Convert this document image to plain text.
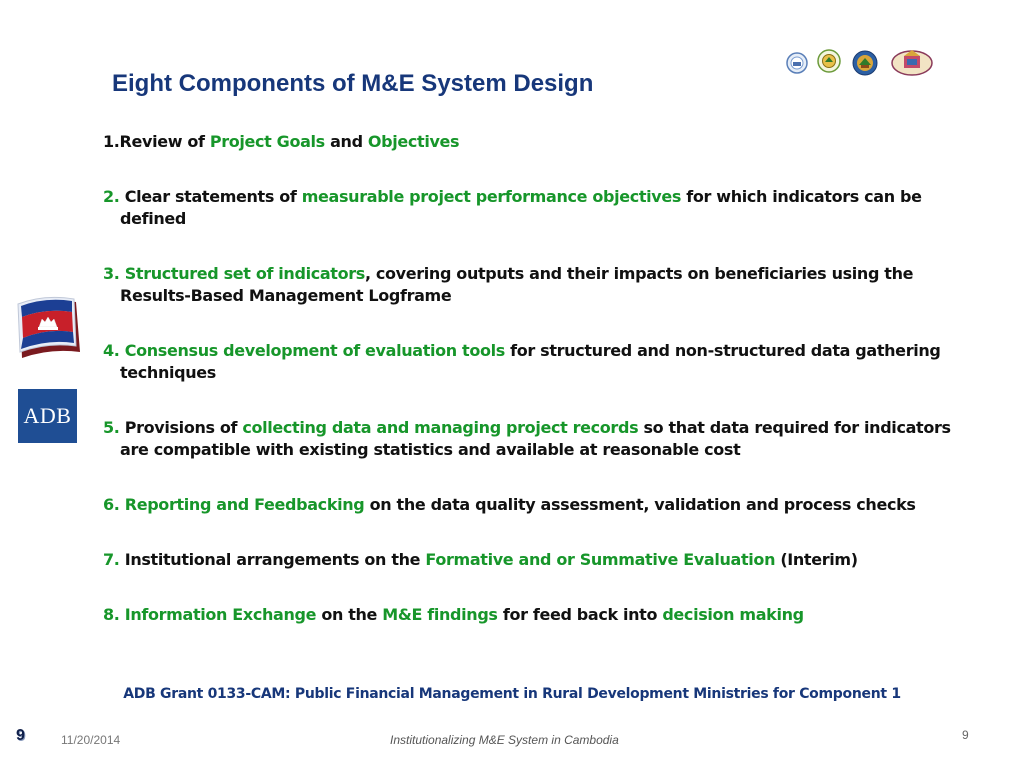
Eight Components of M&E System Design
ADB
1.Review of Project Goals and Objectives
2. Clear statements of measurable project performance objectives for which indicators can be defined
3. Structured set of indicators, covering outputs and their impacts on beneficiaries using the Results-Based Management Logframe
4. Consensus development of evaluation tools for structured and non-structured data gathering techniques
5. Provisions of collecting data and managing project records so that data required for indicators are compatible with existing statistics and available at reasonable cost
6. Reporting and Feedbacking on the data quality assessment, validation and process checks
7. Institutional arrangements on the Formative and or Summative Evaluation (Interim)
8. Information Exchange on the M&E findings for feed back into decision making
ADB Grant 0133-CAM: Public Financial Management in Rural Development Ministries for Component 1
9	11/20/2014	Institutionalizing M&E System in Cambodia	9
